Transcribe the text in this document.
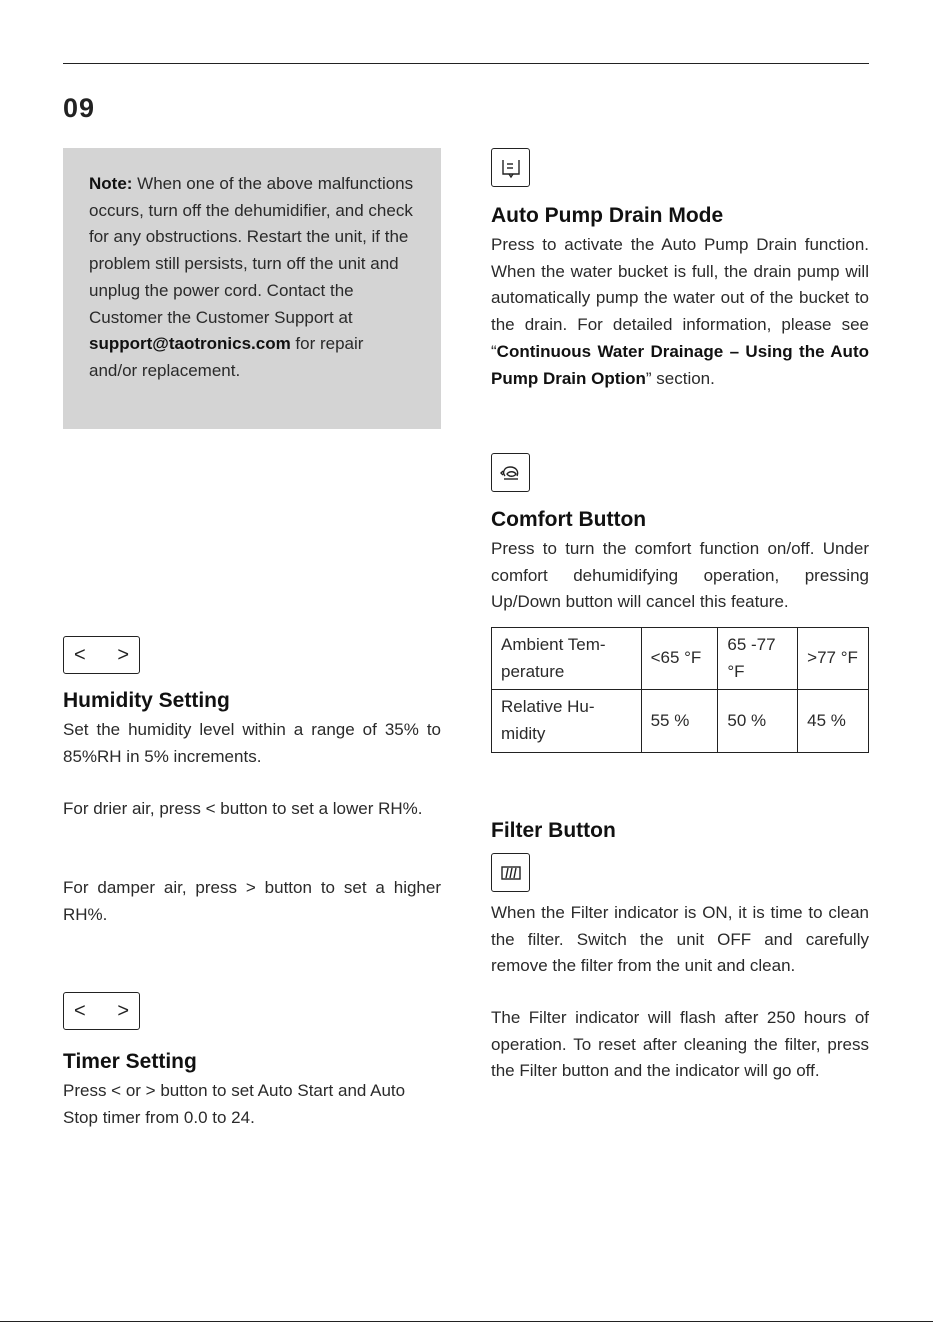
09
Note: When one of the above malfunctions occurs, turn off the dehumidifier, and check for any obstructions. Restart the unit, if the problem still persists, turn off the unit and unplug the power cord. Contact the Customer the Customer Support at support@taotronics.com for repair and/or replacement.
< >
Humidity Setting

Set the humidity level within a range of 35% to 85%RH in 5% increments.

For drier air, press < button to set a lower RH%.

For damper air, press > button to set a higher RH%.

< >
Timer Setting

Press < or > button to set Auto Start and Auto Stop timer from 0.0 to 24.

Auto Pump Drain Mode

Press to activate the Auto Pump Drain function. When the water bucket is full, the drain pump will automatically pump the water out of the bucket to the drain. For detailed information, please see “Continuous Water Drainage – Using the Auto Pump Drain Option” section.

Comfort Button

Press to turn the comfort function on/off. Under comfort dehumidifying operation, pressing Up/Down button will cancel this feature.

Ambient Tem-perature	<65 °F	65 -77 °F	>77 °F
Relative Hu-midity	55 %	50 %	45 %
Filter Button

When the Filter indicator is ON, it is time to clean the filter. Switch the unit OFF and carefully remove the filter from the unit and clean.

The Filter indicator will flash after 250 hours of operation. To reset after cleaning the filter, press the Filter button and the indicator will go off.
